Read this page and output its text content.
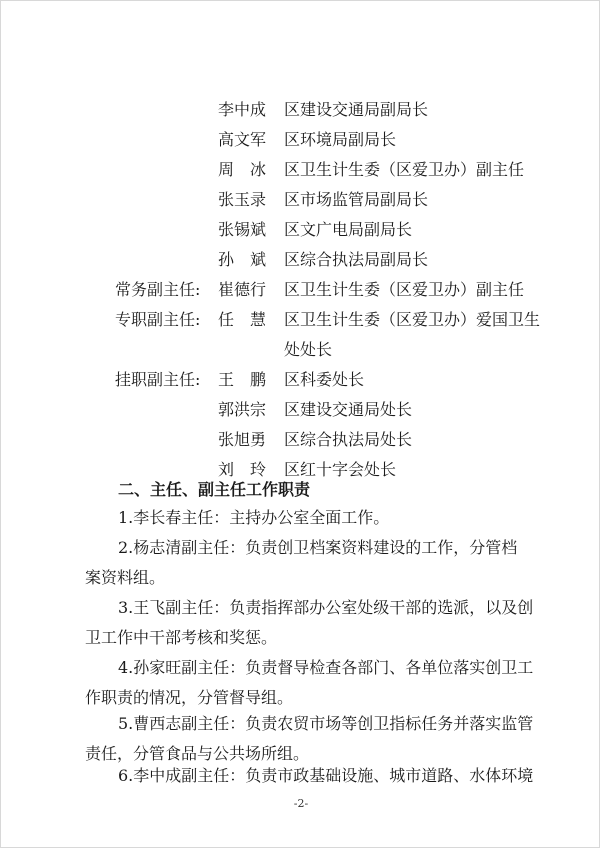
李中成	区建设交通局副局长
高文军	区环境局副局长
周　冰	区卫生计生委（区爱卫办）副主任
张玉录	区市场监管局副局长
张锡斌	区文广电局副局长
孙　斌	区综合执法局副局长
常务副主任:	崔德行	区卫生计生委（区爱卫办）副主任
专职副主任:	任　慧	区卫生计生委（区爱卫办）爱国卫生
处处长
挂职副主任:	王　鹏	区科委处长
郭洪宗	区建设交通局处长
张旭勇	区综合执法局处长
刘　玲	区红十字会处长
二、主任、副主任工作职责
1.李长春主任：主持办公室全面工作。
2.杨志清副主任：负责创卫档案资料建设的工作，分管档
案资料组。
3.王飞副主任：负责指挥部办公室处级干部的选派，以及创
卫工作中干部考核和奖惩。
4.孙家旺副主任：负责督导检查各部门、各单位落实创卫工
作职责的情况，分管督导组。
5.曹西志副主任：负责农贸市场等创卫指标任务并落实监管
责任，分管食品与公共场所组。
6.李中成副主任：负责市政基础设施、城市道路、水体环境
-2-
